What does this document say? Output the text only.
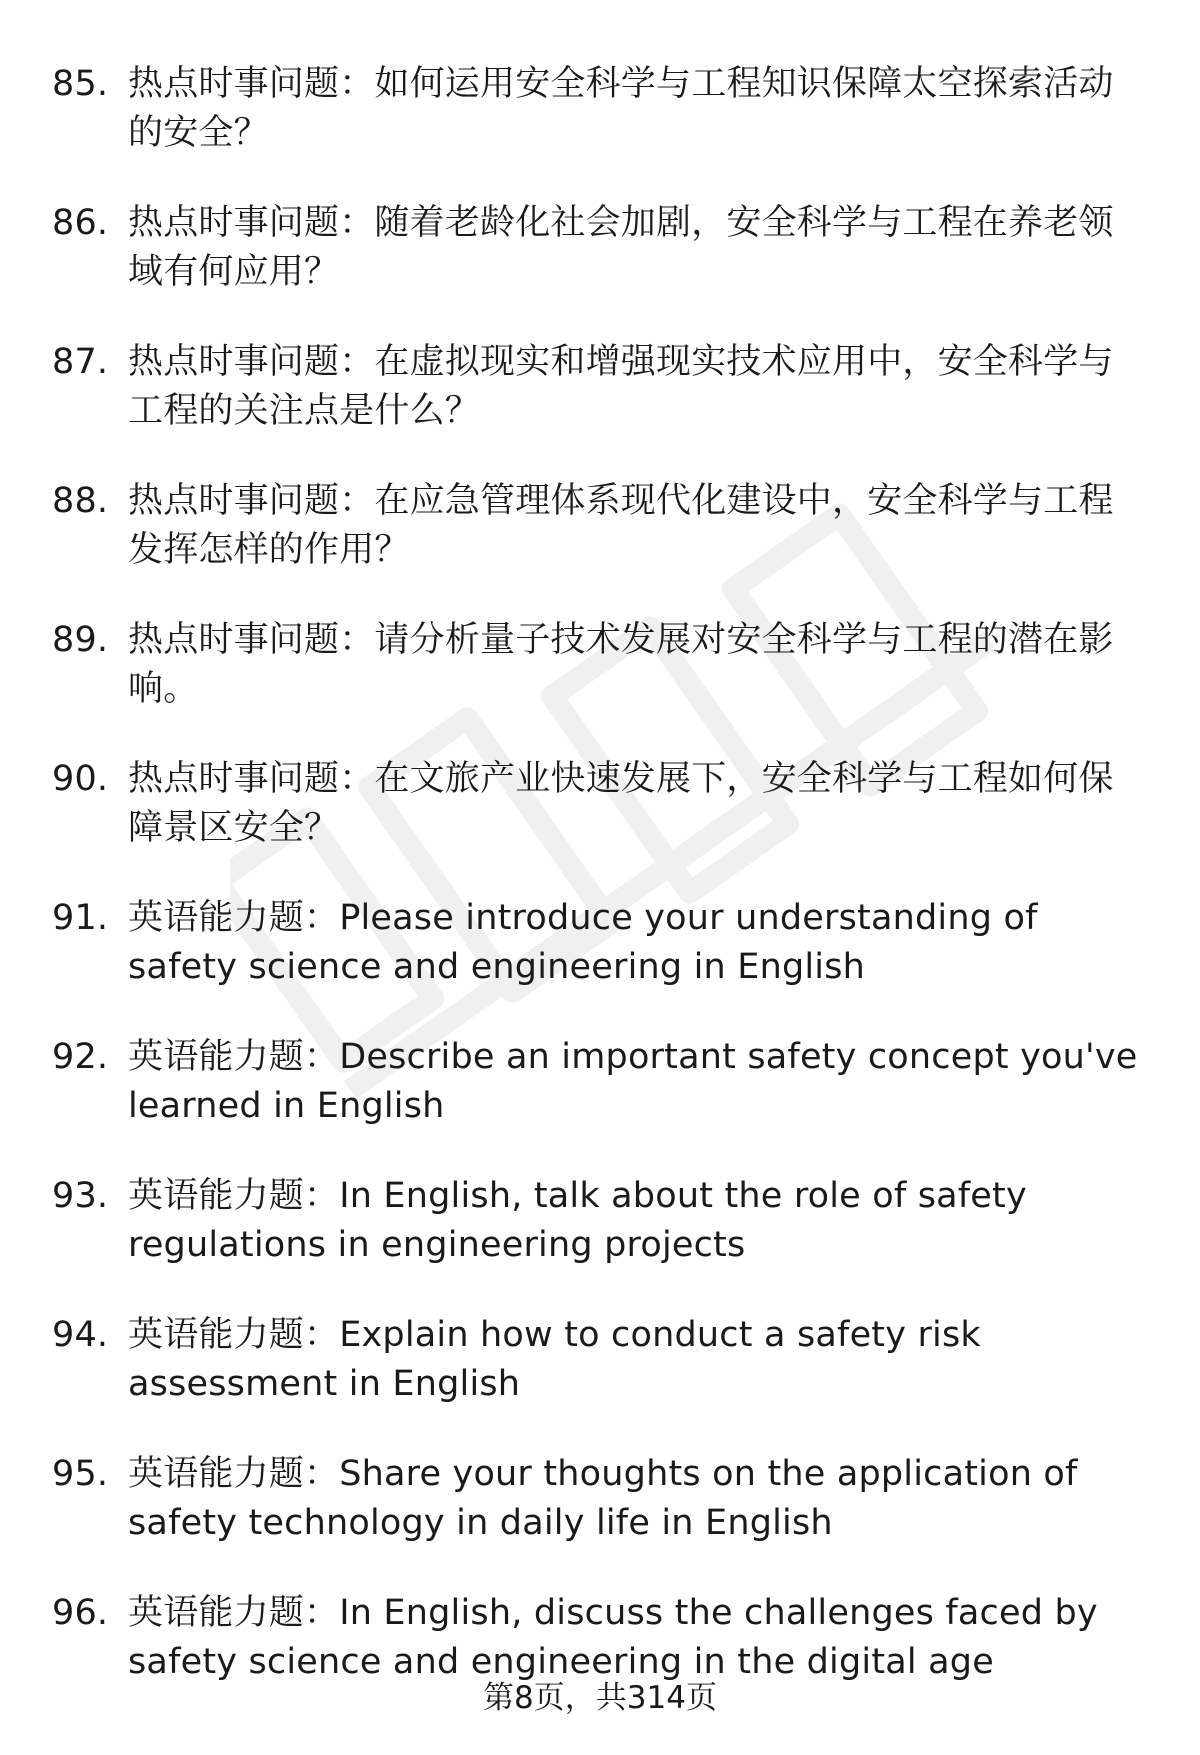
85. 热点时事问题：如何运用安全科学与工程知识保障太空探索活动的安全？
86. 热点时事问题：随着老龄化社会加剧，安全科学与工程在养老领域有何应用？
87. 热点时事问题：在虚拟现实和增强现实技术应用中，安全科学与工程的关注点是什么？
88. 热点时事问题：在应急管理体系现代化建设中，安全科学与工程发挥怎样的作用？
89. 热点时事问题：请分析量子技术发展对安全科学与工程的潜在影响。
90. 热点时事问题：在文旅产业快速发展下，安全科学与工程如何保障景区安全？
91. 英语能力题：Please introduce your understanding of safety science and engineering in English
92. 英语能力题：Describe an important safety concept you've learned in English
93. 英语能力题：In English, talk about the role of safety regulations in engineering projects
94. 英语能力题：Explain how to conduct a safety risk assessment in English
95. 英语能力题：Share your thoughts on the application of safety technology in daily life in English
96. 英语能力题：In English, discuss the challenges faced by safety science and engineering in the digital age
第8页，共314页
